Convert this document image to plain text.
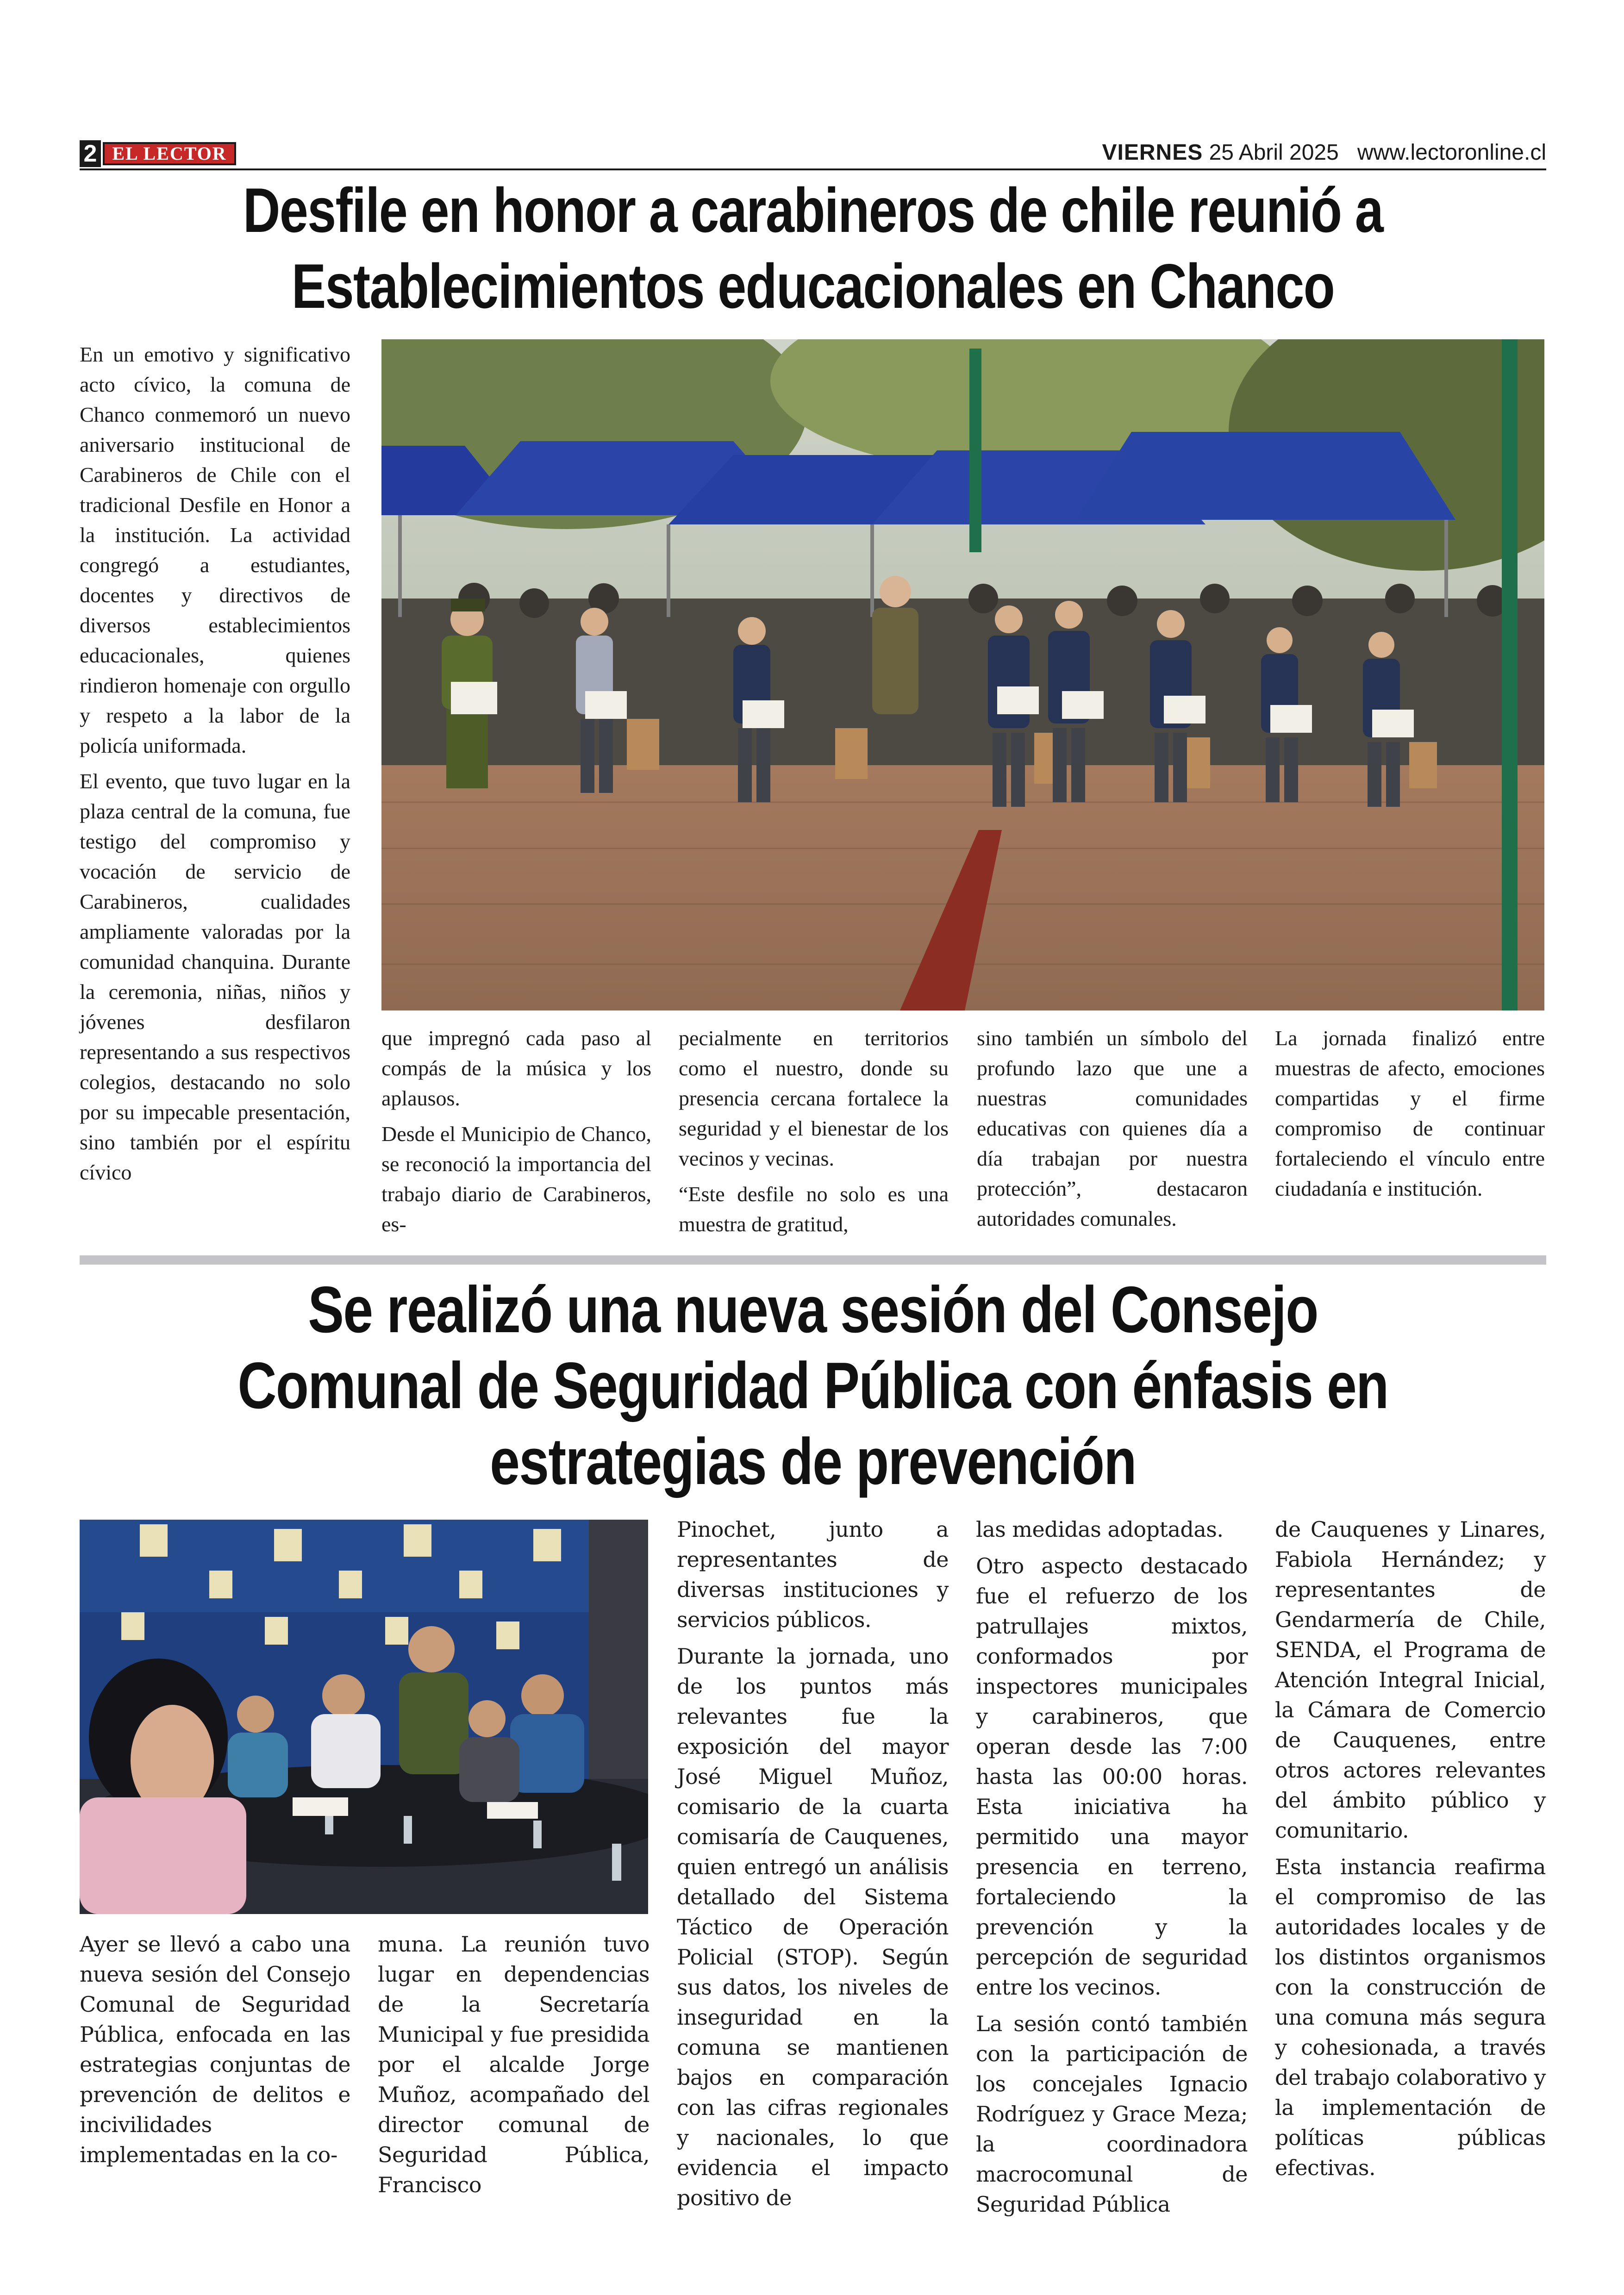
2 EL LECTOR	VIERNES 25 Abril 2025 www.lectoronline.cl
Desfile en honor a carabineros de chile reunió a Establecimientos educacionales en Chanco

En un emotivo y significativo acto cívico, la comuna de Chanco conmemoró un nuevo aniversario institucional de Carabineros de Chile con el tradicional Desfile en Honor a la institución. La actividad congregó a estudiantes, docentes y directivos de diversos establecimientos educacionales, quienes rindieron homenaje con orgullo y respeto a la labor de la policía uniformada.

El evento, que tuvo lugar en la plaza central de la comuna, fue testigo del compromiso y vocación de servicio de Carabineros, cualidades ampliamente valoradas por la comunidad chanquina. Durante la ceremonia, niñas, niños y jóvenes desfilaron representando a sus respectivos colegios, destacando no solo por su impecable presentación, sino también por el espíritu cívico

que impregnó cada paso al compás de la música y los aplausos.

Desde el Municipio de Chanco, se reconoció la importancia del trabajo diario de Carabineros, es-

pecialmente en territorios como el nuestro, donde su presencia cercana fortalece la seguridad y el bienestar de los vecinos y vecinas.

“Este desfile no solo es una muestra de gratitud,

sino también un símbolo del profundo lazo que une a nuestras comunidades educativas con quienes día a día trabajan por nuestra protección”, destacaron autoridades comunales.

La jornada finalizó entre muestras de afecto, emociones compartidas y el firme compromiso de continuar fortaleciendo el vínculo entre ciudadanía e institución.

Se realizó una nueva sesión del Consejo Comunal de Seguridad Pública con énfasis en estrategias de prevención

Ayer se llevó a cabo una nueva sesión del Consejo Comunal de Seguridad Pública, enfocada en las estrategias conjuntas de prevención de delitos e incivilidades implementadas en la co-

muna. La reunión tuvo lugar en dependencias de la Secretaría Municipal y fue presidida por el alcalde Jorge Muñoz, acompañado del director comunal de Seguridad Pública, Francisco

Pinochet, junto a representantes de diversas instituciones y servicios públicos.

Durante la jornada, uno de los puntos más relevantes fue la exposición del mayor José Miguel Muñoz, comisario de la cuarta comisaría de Cauquenes, quien entregó un análisis detallado del Sistema Táctico de Operación Policial (STOP). Según sus datos, los niveles de inseguridad en la comuna se mantienen bajos en comparación con las cifras regionales y nacionales, lo que evidencia el impacto positivo de

las medidas adoptadas.

Otro aspecto destacado fue el refuerzo de los patrullajes mixtos, conformados por inspectores municipales y carabineros, que operan desde las 7:00 hasta las 00:00 horas. Esta iniciativa ha permitido una mayor presencia en terreno, fortaleciendo la prevención y la percepción de seguridad entre los vecinos.

La sesión contó también con la participación de los concejales Ignacio Rodríguez y Grace Meza; la coordinadora macrocomunal de Seguridad Pública

de Cauquenes y Linares, Fabiola Hernández; y representantes de Gendarmería de Chile, SENDA, el Programa de Atención Integral Inicial, la Cámara de Comercio de Cauquenes, entre otros actores relevantes del ámbito público y comunitario.

Esta instancia reafirma el compromiso de las autoridades locales y de los distintos organismos con la construcción de una comuna más segura y cohesionada, a través del trabajo colaborativo y la implementación de políticas públicas efectivas.
